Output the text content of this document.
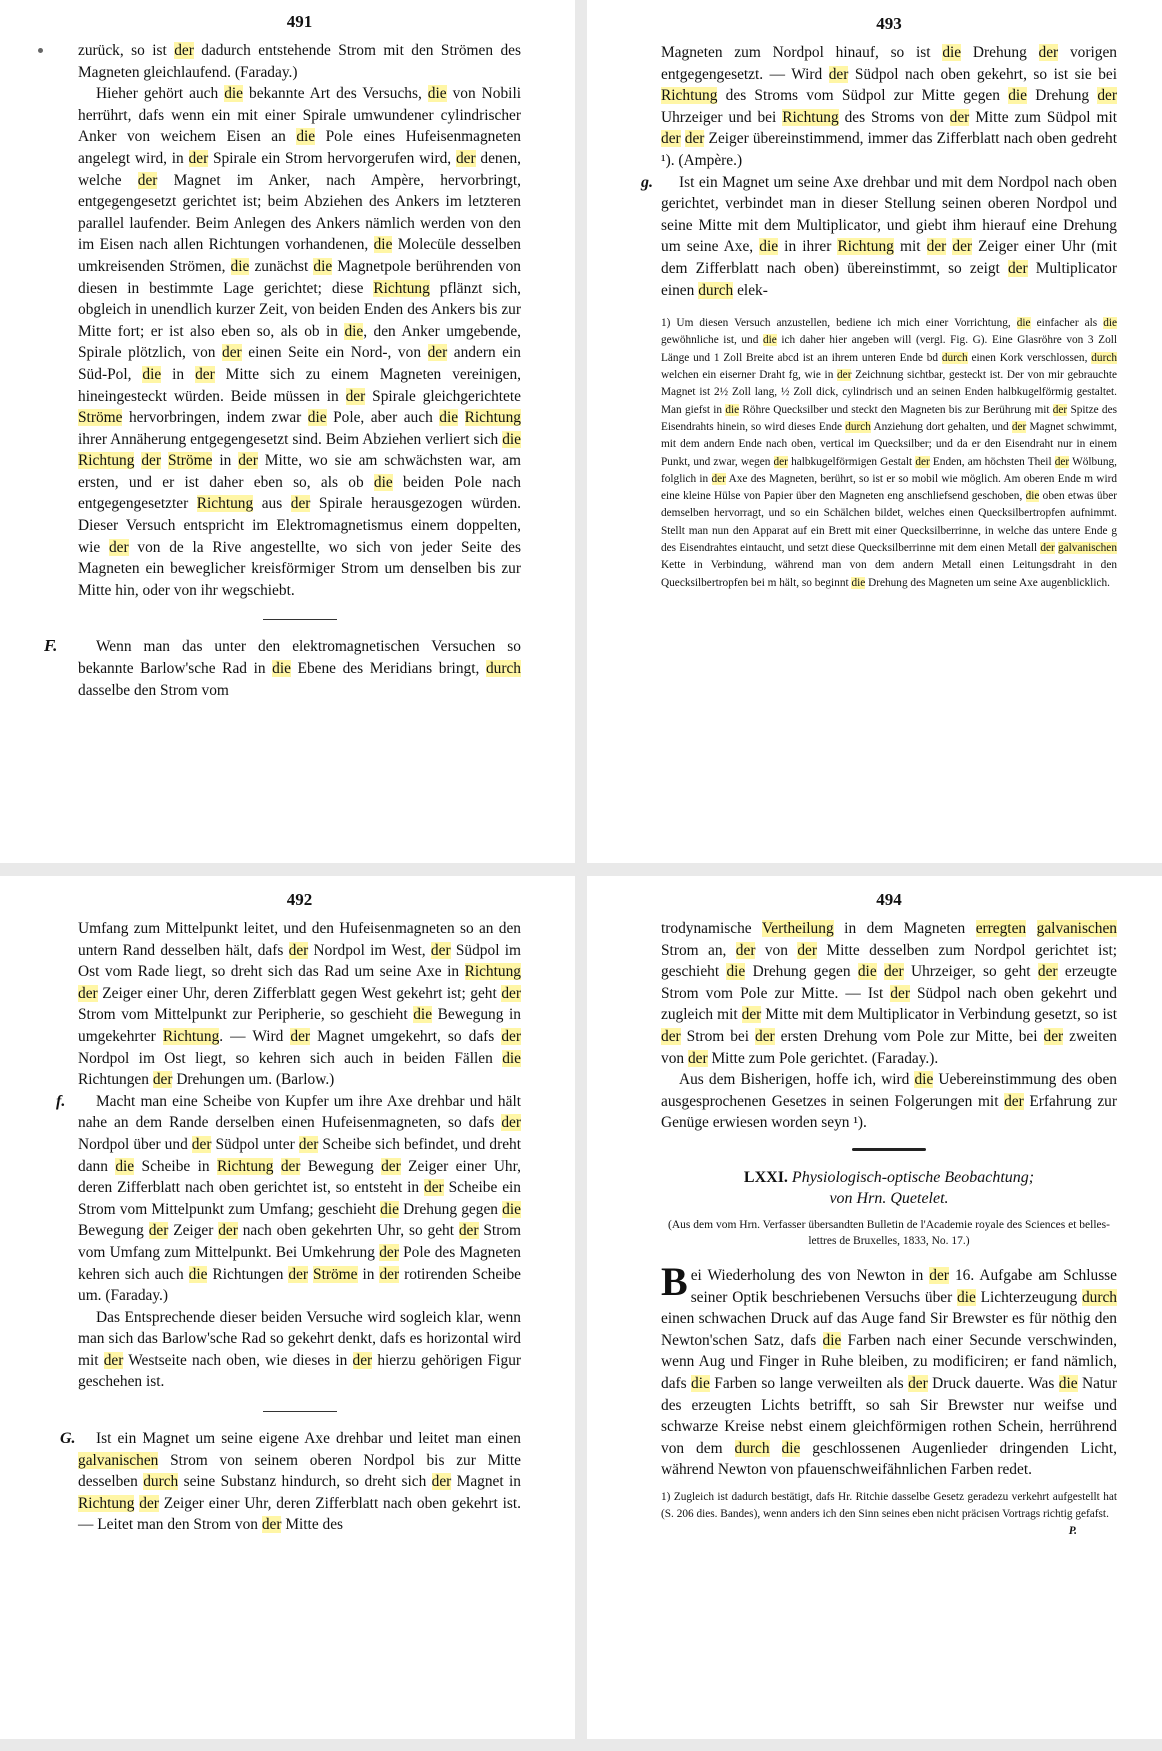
491

zurück, so ist der dadurch entstehende Strom mit den Strömen des Magneten gleichlaufend. (Faraday.)

Hieher gehört auch die bekannte Art des Versuchs, die von Nobili herrührt, dafs wenn ein mit einer Spirale umwundener cylindrischer Anker von weichem Eisen an die Pole eines Hufeisenmagneten angelegt wird, in der Spirale ein Strom hervorgerufen wird, der denen, welche der Magnet im Anker, nach Ampère, hervorbringt, entgegengesetzt gerichtet ist; beim Abziehen des Ankers im letzteren parallel laufender. Beim Anlegen des Ankers nämlich werden von den im Eisen nach allen Richtungen vorhandenen, die Molecüle desselben umkreisenden Strömen, die zunächst die Magnetpole berührenden von diesen in bestimmte Lage gerichtet; diese Richtung pflänzt sich, obgleich in unendlich kurzer Zeit, von beiden Enden des Ankers bis zur Mitte fort; er ist also eben so, als ob in die, den Anker umgebende, Spirale plötzlich, von der einen Seite ein Nord-, von der andern ein Süd-Pol, die in der Mitte sich zu einem Magneten vereinigen, hineingesteckt würden. Beide müssen in der Spirale gleichgerichtete Ströme hervorbringen, indem zwar die Pole, aber auch die Richtung ihrer Annäherung entgegengesetzt sind. Beim Abziehen verliert sich die Richtung der Ströme in der Mitte, wo sie am schwächsten war, am ersten, und er ist daher eben so, als ob die beiden Pole nach entgegengesetzter Richtung aus der Spirale herausgezogen würden. Dieser Versuch entspricht im Elektromagnetismus einem doppelten, wie der von de la Rive angestellte, wo sich von jeder Seite des Magneten ein beweglicher kreisförmiger Strom um denselben bis zur Mitte hin, oder von ihr wegschiebt.

F.	Wenn man das unter den elektromagnetischen Versuchen so bekannte Barlow'sche Rad in die Ebene des Meridians bringt, durch dasselbe den Strom vom

493

Magneten zum Nordpol hinauf, so ist die Drehung der vorigen entgegengesetzt. — Wird der Südpol nach oben gekehrt, so ist sie bei Richtung des Stroms vom Südpol zur Mitte gegen die Drehung der Uhrzeiger und bei Richtung des Stroms von der Mitte zum Südpol mit der der Zeiger übereinstimmend, immer das Zifferblatt nach oben gedreht ¹). (Ampère.)

g.	Ist ein Magnet um seine Axe drehbar und mit dem Nordpol nach oben gerichtet, verbindet man in dieser Stellung seinen oberen Nordpol und seine Mitte mit dem Multiplicator, und giebt ihm hierauf eine Drehung um seine Axe, die in ihrer Richtung mit der der Zeiger einer Uhr (mit dem Zifferblatt nach oben) übereinstimmt, so zeigt der Multiplicator einen durch elek-

1) Um diesen Versuch anzustellen, bediene ich mich einer Vorrichtung, die einfacher als die gewöhnliche ist, und die ich daher hier angeben will (vergl. Fig. G). Eine Glasröhre von 3 Zoll Länge und 1 Zoll Breite abcd ist an ihrem unteren Ende bd durch einen Kork verschlossen, durch welchen ein eiserner Draht fg, wie in der Zeichnung sichtbar, gesteckt ist. Der von mir gebrauchte Magnet ist 2½ Zoll lang, ½ Zoll dick, cylindrisch und an seinen Enden halbkugelförmig gestaltet. Man giefst in die Röhre Quecksilber und steckt den Magneten bis zur Berührung mit der Spitze des Eisendrahts hinein, so wird dieses Ende durch Anziehung dort gehalten, und der Magnet schwimmt, mit dem andern Ende nach oben, vertical im Quecksilber; und da er den Eisendraht nur in einem Punkt, und zwar, wegen der halbkugelförmigen Gestalt der Enden, am höchsten Theil der Wölbung, folglich in der Axe des Magneten, berührt, so ist er so mobil wie möglich. Am oberen Ende m wird eine kleine Hülse von Papier über den Magneten eng anschliefsend geschoben, die oben etwas über demselben hervorragt, und so ein Schälchen bildet, welches einen Quecksilbertropfen aufnimmt. Stellt man nun den Apparat auf ein Brett mit einer Quecksilberrinne, in welche das untere Ende g des Eisendrahtes eintaucht, und setzt diese Quecksilberrinne mit dem einen Metall der galvanischen Kette in Verbindung, während man von dem andern Metall einen Leitungsdraht in den Quecksilbertropfen bei m hält, so beginnt die Drehung des Magneten um seine Axe augenblicklich.
492

Umfang zum Mittelpunkt leitet, und den Hufeisenmagneten so an den untern Rand desselben hält, dafs der Nordpol im West, der Südpol im Ost vom Rade liegt, so dreht sich das Rad um seine Axe in Richtung der Zeiger einer Uhr, deren Zifferblatt gegen West gekehrt ist; geht der Strom vom Mittelpunkt zur Peripherie, so geschieht die Bewegung in umgekehrter Richtung. — Wird der Magnet umgekehrt, so dafs der Nordpol im Ost liegt, so kehren sich auch in beiden Fällen die Richtungen der Drehungen um. (Barlow.)

f.	Macht man eine Scheibe von Kupfer um ihre Axe drehbar und hält nahe an dem Rande derselben einen Hufeisenmagneten, so dafs der Nordpol über und der Südpol unter der Scheibe sich befindet, und dreht dann die Scheibe in Richtung der Bewegung der Zeiger einer Uhr, deren Zifferblatt nach oben gerichtet ist, so entsteht in der Scheibe ein Strom vom Mittelpunkt zum Umfang; geschieht die Drehung gegen die Bewegung der Zeiger der nach oben gekehrten Uhr, so geht der Strom vom Umfang zum Mittelpunkt. Bei Umkehrung der Pole des Magneten kehren sich auch die Richtungen der Ströme in der rotirenden Scheibe um. (Faraday.)

Das Entsprechende dieser beiden Versuche wird sogleich klar, wenn man sich das Barlow'sche Rad so gekehrt denkt, dafs es horizontal wird mit der Westseite nach oben, wie dieses in der hierzu gehörigen Figur geschehen ist.

G.	Ist ein Magnet um seine eigene Axe drehbar und leitet man einen galvanischen Strom von seinem oberen Nordpol bis zur Mitte desselben durch seine Substanz hindurch, so dreht sich der Magnet in Richtung der Zeiger einer Uhr, deren Zifferblatt nach oben gekehrt ist. — Leitet man den Strom von der Mitte des

494

trodynamische Vertheilung in dem Magneten erregten galvanischen Strom an, der von der Mitte desselben zum Nordpol gerichtet ist; geschieht die Drehung gegen die der Uhrzeiger, so geht der erzeugte Strom vom Pole zur Mitte. — Ist der Südpol nach oben gekehrt und zugleich mit der Mitte mit dem Multiplicator in Verbindung gesetzt, so ist der Strom bei der ersten Drehung vom Pole zur Mitte, bei der zweiten von der Mitte zum Pole gerichtet. (Faraday.).

Aus dem Bisherigen, hoffe ich, wird die Uebereinstimmung des oben ausgesprochenen Gesetzes in seinen Folgerungen mit der Erfahrung zur Genüge erwiesen worden seyn ¹).

LXXI. Physiologisch-optische Beobachtung;
von Hrn. Quetelet.
(Aus dem vom Hrn. Verfasser übersandten Bulletin de l'Academie royale des Sciences et belles-lettres de Bruxelles, 1833, No. 17.)
B ei Wiederholung des von Newton in der 16. Aufgabe am Schlusse seiner Optik beschriebenen Versuchs über die Lichterzeugung durch einen schwachen Druck auf das Auge fand Sir Brewster es für nöthig den Newton'schen Satz, dafs die Farben nach einer Secunde verschwinden, wenn Aug und Finger in Ruhe bleiben, zu modificiren; er fand nämlich, dafs die Farben so lange verweilten als der Druck dauerte. Was die Natur des erzeugten Lichts betrifft, so sah Sir Brewster nur weifse und schwarze Kreise nebst einem gleichförmigen rothen Schein, herrührend von dem durch die geschlossenen Augenlieder dringenden Licht, während Newton von pfauenschweifähnlichen Farben redet.

1) Zugleich ist dadurch bestätigt, dafs Hr. Ritchie dasselbe Gesetz geradezu verkehrt aufgestellt hat (S. 206 dies. Bandes), wenn anders ich den Sinn seines eben nicht präcisen Vortrags richtig gefafst.
P.
